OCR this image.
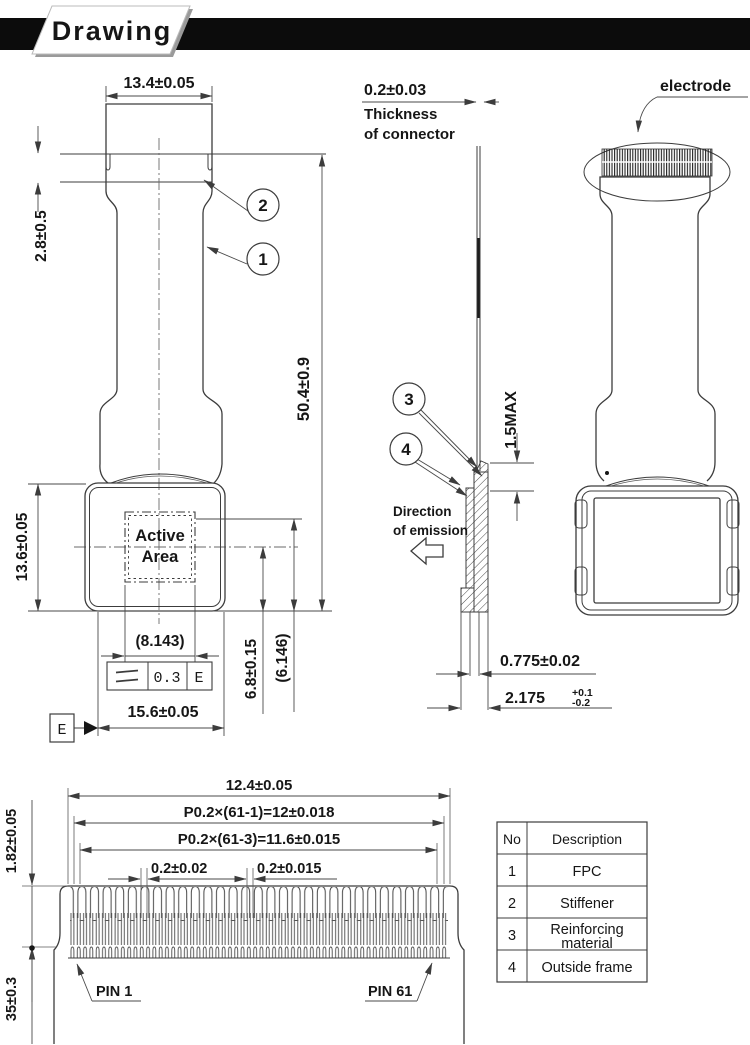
Drawing
Active
Area
13.4±0.05
2.8±0.5
50.4±0.9
13.6±0.05
(8.143)
0.3 E
15.6±0.05
E
6.8±0.15 (6.146)
2
1
0.2±0.03
Thickness
of connector
1.5MAX
3
4
Direction
of emission
0.775±0.02
2.175	+0.1
-0.2
electrode
12.4±0.05
P0.2×(61-1)=12±0.018
P0.2×(61-3)=11.6±0.015
0.2±0.02	0.2±0.015
1.82±0.05
35±0.3	PIN 1	PIN 61
No Description
1	FPC
2	Stiffener
3 Reinforcing
material
4 Outside frame
